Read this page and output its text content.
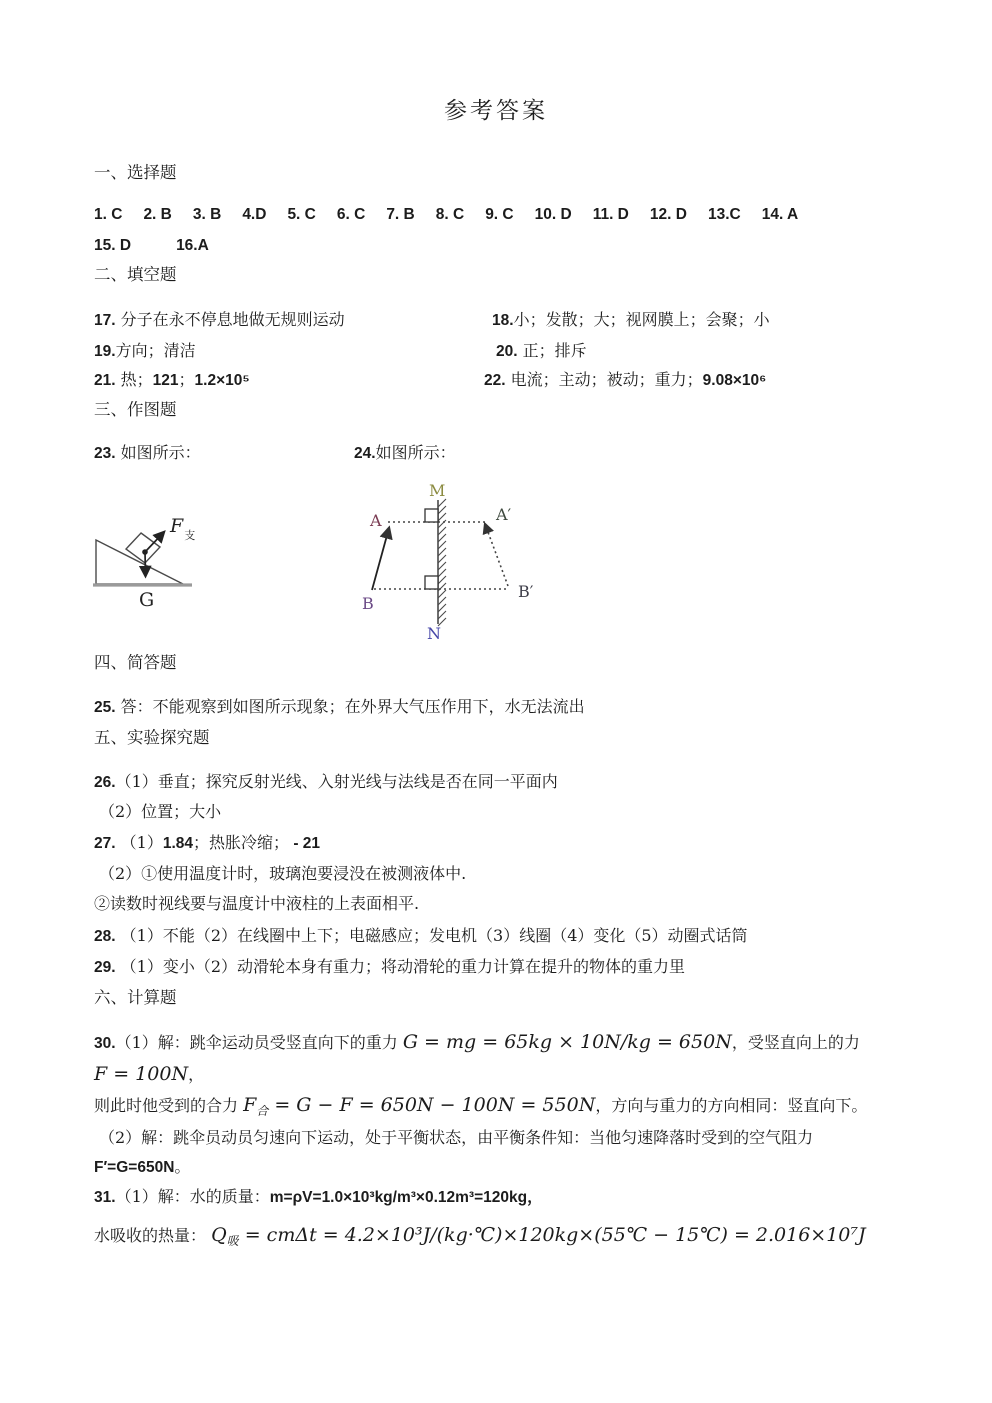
参考答案
一、选择题
1. C 2. B 3. B 4.D 5. C 6. C 7. B 8. C 9. C 10. D 11. D 12. D 13.C 14. A
15. D	16.A
二、填空题
17. 分子在永不停息地做无规则运动	18.小；发散；大；视网膜上；会聚；小
19.方向；清洁	20. 正；排斥
21. 热；121；1.2×10⁵	22. 电流；主动；被动；重力；9.08×10⁶
三、作图题
23. 如图所示：	24.如图所示：
$F_支$
G
M
N
A
B
A′
B′
四、简答题
25. 答：不能观察到如图所示现象；在外界大气压作用下，水无法流出
五、实验探究题
26.（1）垂直；探究反射光线、入射光线与法线是否在同一平面内
（2）位置；大小
27. （1）1.84；热胀冷缩； - 21
（2）①使用温度计时，玻璃泡要浸没在被测液体中.
②读数时视线要与温度计中液柱的上表面相平.
28. （1）不能（2）在线圈中上下；电磁感应；发电机（3）线圈（4）变化（5）动圈式话筒
29. （1）变小（2）动滑轮本身有重力；将动滑轮的重力计算在提升的物体的重力里
六、计算题
30.（1）解：跳伞运动员受竖直向下的重力 G = mg = 65kg × 10N/kg = 650N，受竖直向上的力
F = 100N，
则此时他受到的合力 $F_合 = G - F = 650N - 100N = 550N$，方向与重力的方向相同：竖直向下。
（2）解：跳伞员动员匀速向下运动，处于平衡状态，由平衡条件知：当他匀速降落时受到的空气阻力
F′=G=650N。
31.（1）解：水的质量：m=ρV=1.0×10³kg/m³×0.12m³=120kg，
水吸收的热量： $Q_吸 = cm\Delta t$ = 4.2×10³J/(kg·℃)×120kg×(55℃ − 15℃) = 2.016×10⁷J
